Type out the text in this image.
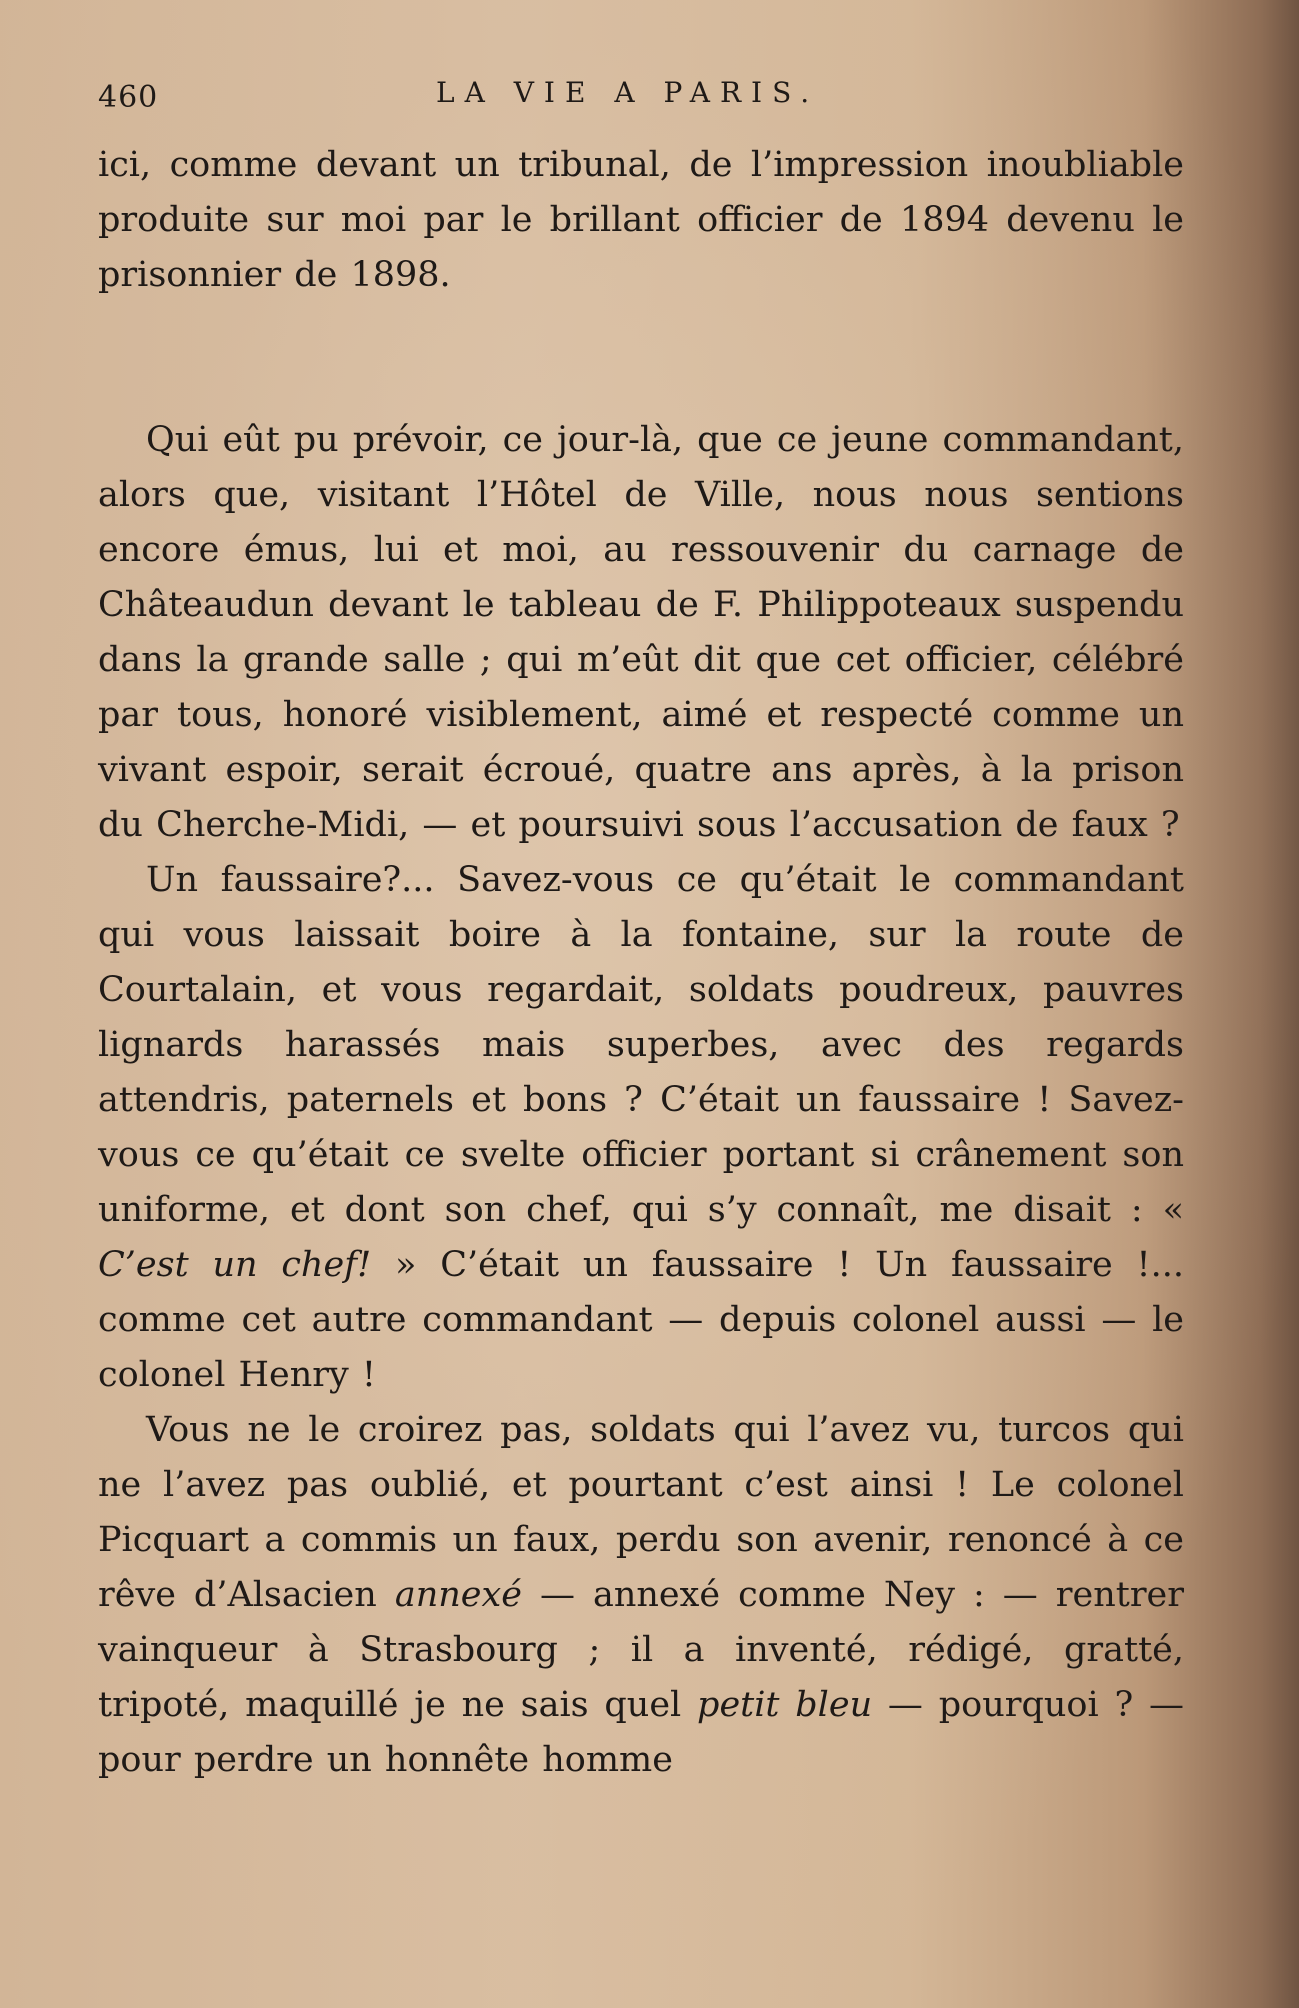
460	LA VIE A PARIS.

ici, comme devant un tribunal, de l’impression inoubliable produite sur moi par le brillant officier de 1894 devenu le prisonnier de 1898.

Qui eût pu prévoir, ce jour-là, que ce jeune commandant, alors que, visitant l’Hôtel de Ville, nous nous sentions encore émus, lui et moi, au ressouvenir du carnage de Châteaudun devant le tableau de F. Philippoteaux suspendu dans la grande salle ; qui m’eût dit que cet officier, célébré par tous, honoré visiblement, aimé et respecté comme un vivant espoir, serait écroué, quatre ans après, à la prison du Cherche-Midi, — et poursuivi sous l’accusation de faux ?

Un faussaire?... Savez-vous ce qu’était le commandant qui vous laissait boire à la fontaine, sur la route de Courtalain, et vous regardait, soldats poudreux, pauvres lignards harassés mais superbes, avec des regards attendris, paternels et bons ? C’était un faussaire ! Savez-vous ce qu’était ce svelte officier portant si crânement son uniforme, et dont son chef, qui s’y connaît, me disait : « C’est un chef! » C’était un faussaire ! Un faussaire !... comme cet autre commandant — depuis colonel aussi — le colonel Henry !

Vous ne le croirez pas, soldats qui l’avez vu, turcos qui ne l’avez pas oublié, et pourtant c’est ainsi ! Le colonel Picquart a commis un faux, perdu son avenir, renoncé à ce rêve d’Alsacien annexé — annexé comme Ney : — rentrer vainqueur à Strasbourg ; il a inventé, rédigé, gratté, tripoté, maquillé je ne sais quel petit bleu — pourquoi ? — pour perdre un honnête homme
